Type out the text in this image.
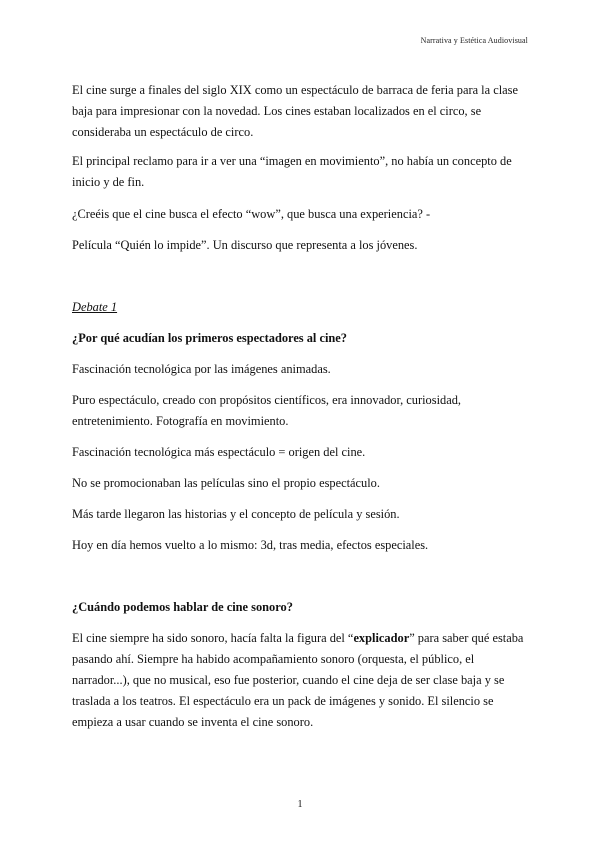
Narrativa y Estética Audiovisual

El cine surge a finales del siglo XIX como un espectáculo de barraca de feria para la clase baja para impresionar con la novedad. Los cines estaban localizados en el circo, se consideraba un espectáculo de circo.

El principal reclamo para ir a ver una “imagen en movimiento”, no había un concepto de inicio y de fin.

¿Creéis que el cine busca el efecto “wow”, que busca una experiencia? -

Película “Quién lo impide”. Un discurso que representa a los jóvenes.

Debate 1

¿Por qué acudían los primeros espectadores al cine?

Fascinación tecnológica por las imágenes animadas.

Puro espectáculo, creado con propósitos científicos, era innovador, curiosidad, entretenimiento. Fotografía en movimiento.

Fascinación tecnológica más espectáculo = origen del cine.

No se promocionaban las películas sino el propio espectáculo.

Más tarde llegaron las historias y el concepto de película y sesión.

Hoy en día hemos vuelto a lo mismo: 3d, tras media, efectos especiales.

¿Cuándo podemos hablar de cine sonoro?

El cine siempre ha sido sonoro, hacía falta la figura del “explicador” para saber qué estaba pasando ahí. Siempre ha habido acompañamiento sonoro (orquesta, el público, el narrador...), que no musical, eso fue posterior, cuando el cine deja de ser clase baja y se traslada a los teatros. El espectáculo era un pack de imágenes y sonido. El silencio se empieza a usar cuando se inventa el cine sonoro.

1
